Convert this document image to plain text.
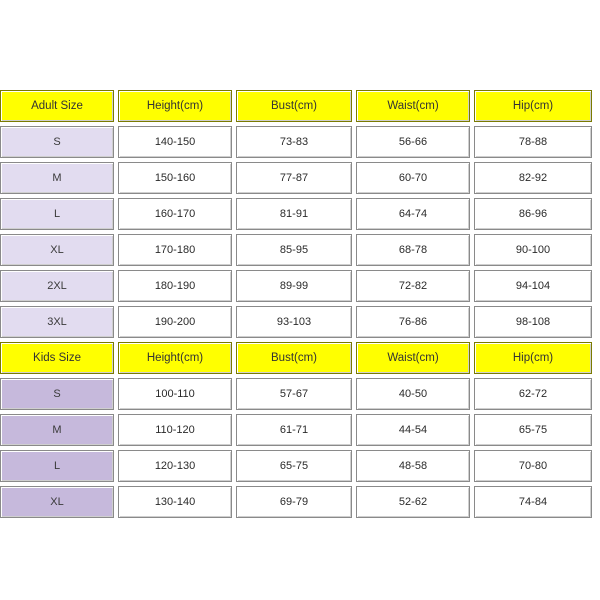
Adult Size	Height(cm)	Bust(cm)	Waist(cm)	Hip(cm)
S	140-150	73-83	56-66	78-88
M	150-160	77-87	60-70	82-92
L	160-170	81-91	64-74	86-96
XL	170-180	85-95	68-78	90-100
2XL	180-190	89-99	72-82	94-104
3XL	190-200	93-103	76-86	98-108
Kids Size	Height(cm)	Bust(cm)	Waist(cm)	Hip(cm)
S	100-110	57-67	40-50	62-72
M	110-120	61-71	44-54	65-75
L	120-130	65-75	48-58	70-80
XL	130-140	69-79	52-62	74-84
